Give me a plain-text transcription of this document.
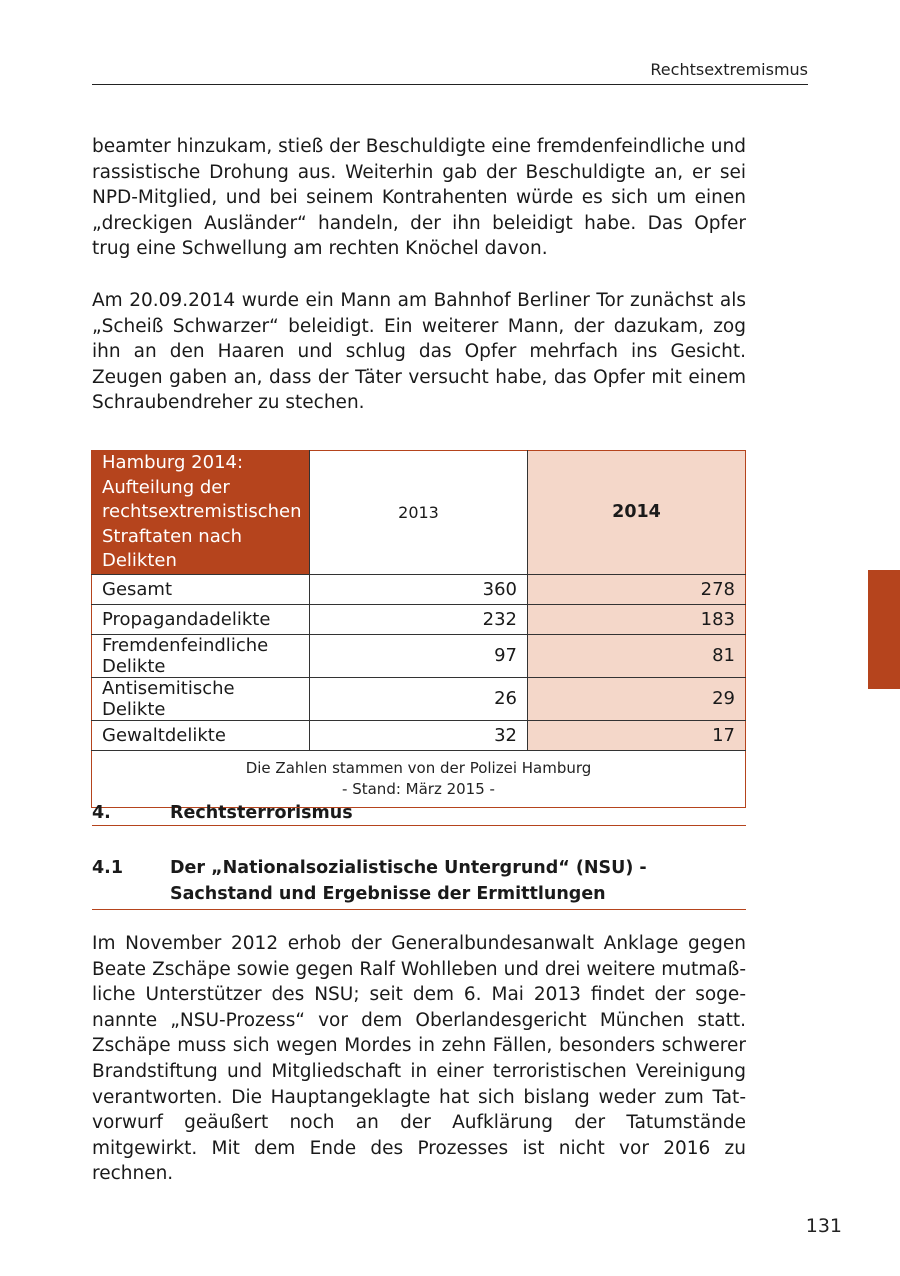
Rechtsextremismus

beamter hinzukam, stieß der Beschuldigte eine fremdenfeindliche und rassistische Drohung aus. Weiterhin gab der Beschuldigte an, er sei NPD-Mitglied, und bei seinem Kontrahenten würde es sich um einen „dreckigen Ausländer“ handeln, der ihn beleidigt habe. Das Opfer trug eine Schwellung am rechten Knöchel davon.

Am 20.09.2014 wurde ein Mann am Bahnhof Berliner Tor zunächst als „Scheiß Schwarzer“ beleidigt. Ein weiterer Mann, der dazukam, zog ihn an den Haaren und schlug das Opfer mehrfach ins Gesicht. Zeugen gaben an, dass der Täter versucht habe, das Opfer mit einem Schraubendreher zu stechen.

Hamburg 2014:
Aufteilung der rechtsextremistischen
Straftaten nach Delikten	2013	2014
Gesamt	360	278
Propagandadelikte	232	183
Fremdenfeindliche Delikte	97	81
Antisemitische Delikte	26	29
Gewaltdelikte	32	17
Die Zahlen stammen von der Polizei Hamburg
- Stand: März 2015 -		
4.	Rechtsterrorismus
4.1	Der „Nationalsozialistische Untergrund“ (NSU) -
Sachstand und Ergebnisse der Ermittlungen

Im November 2012 erhob der Generalbundesanwalt Anklage gegen Beate Zschäpe sowie gegen Ralf Wohlleben und drei weitere mutmaßliche Unterstützer des NSU; seit dem 6. Mai 2013 findet der sogenannte „NSU-Prozess“ vor dem Oberlandesgericht München statt. Zschäpe muss sich wegen Mordes in zehn Fällen, besonders schwerer Brandstiftung und Mitgliedschaft in einer terroristischen Vereinigung verantworten. Die Hauptangeklagte hat sich bislang weder zum Tatvorwurf geäußert noch an der Aufklärung der Tatumstände mitgewirkt. Mit dem Ende des Prozesses ist nicht vor 2016 zu rechnen.

131
